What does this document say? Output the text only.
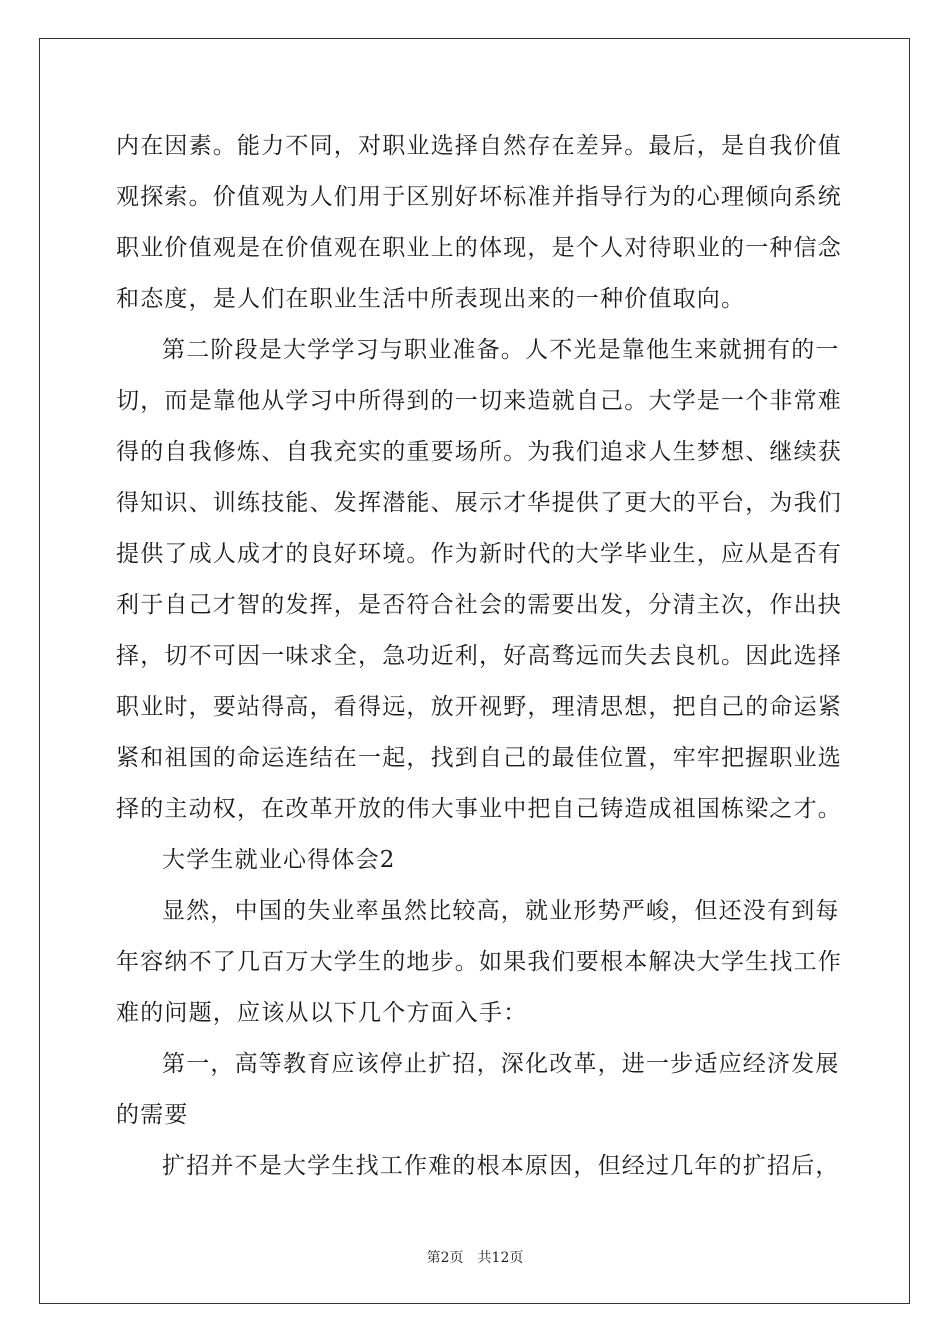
内在因素。能力不同，对职业选择自然存在差异。最后，是自我价值
观探索。价值观为人们用于区别好坏标准并指导行为的心理倾向系统
职业价值观是在价值观在职业上的体现，是个人对待职业的一种信念
和态度，是人们在职业生活中所表现出来的一种价值取向。
第二阶段是大学学习与职业准备。人不光是靠他生来就拥有的一
切，而是靠他从学习中所得到的一切来造就自己。大学是一个非常难
得的自我修炼、自我充实的重要场所。为我们追求人生梦想、继续获
得知识、训练技能、发挥潜能、展示才华提供了更大的平台，为我们
提供了成人成才的良好环境。作为新时代的大学毕业生，应从是否有
利于自己才智的发挥，是否符合社会的需要出发，分清主次，作出抉
择，切不可因一味求全，急功近利，好高骛远而失去良机。因此选择
职业时，要站得高，看得远，放开视野，理清思想，把自己的命运紧
紧和祖国的命运连结在一起，找到自己的最佳位置，牢牢把握职业选
择的主动权，在改革开放的伟大事业中把自己铸造成祖国栋梁之才。
大学生就业心得体会2
显然，中国的失业率虽然比较高，就业形势严峻，但还没有到每
年容纳不了几百万大学生的地步。如果我们要根本解决大学生找工作
难的问题，应该从以下几个方面入手：
第一，高等教育应该停止扩招，深化改革，进一步适应经济发展
的需要
扩招并不是大学生找工作难的根本原因，但经过几年的扩招后，
第2页 共12页
